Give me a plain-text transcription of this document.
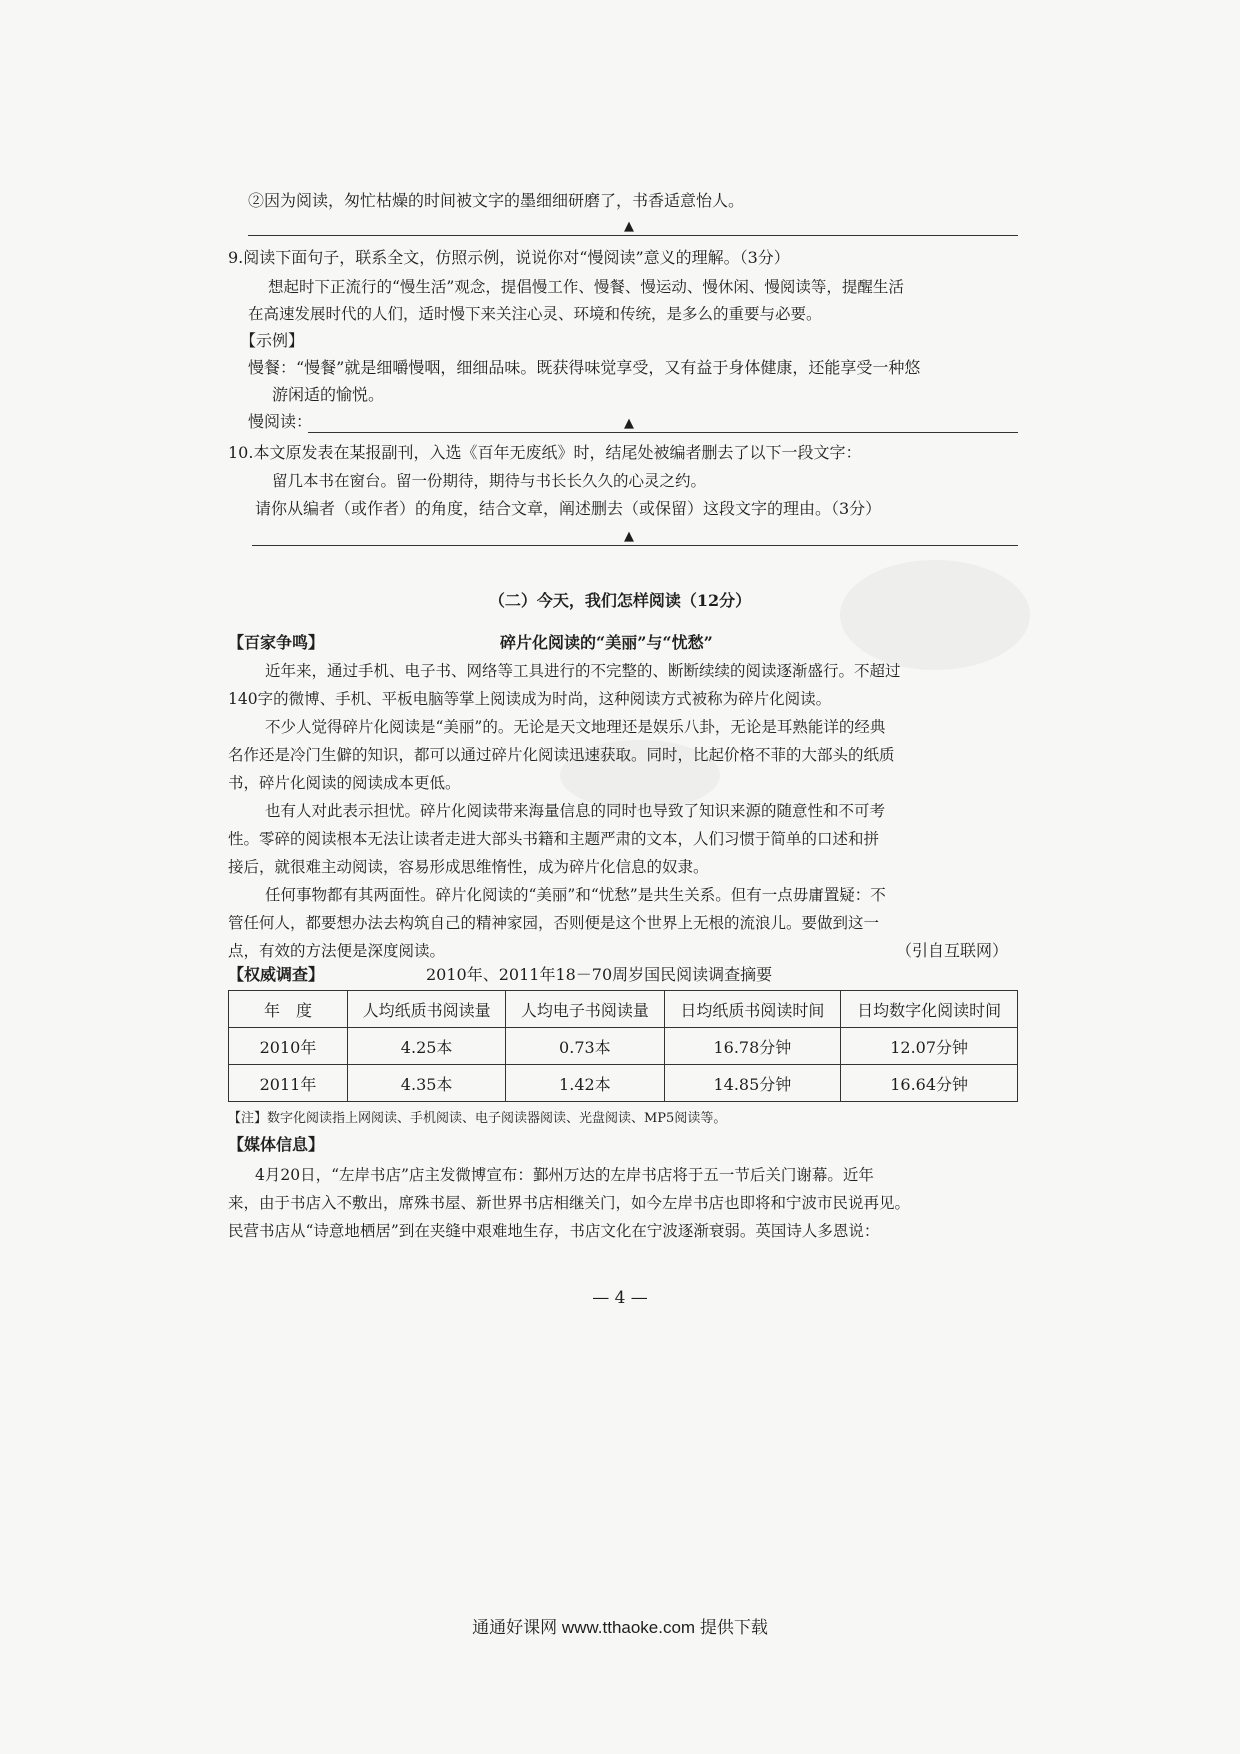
②因为阅读，匆忙枯燥的时间被文字的墨细细研磨了，书香适意怡人。
▲
9.阅读下面句子，联系全文，仿照示例，说说你对“慢阅读”意义的理解。（3分）
想起时下正流行的“慢生活”观念，提倡慢工作、慢餐、慢运动、慢休闲、慢阅读等，提醒生活
在高速发展时代的人们，适时慢下来关注心灵、环境和传统，是多么的重要与必要。
【示例】
慢餐：“慢餐”就是细嚼慢咽，细细品味。既获得味觉享受，又有益于身体健康，还能享受一种悠
游闲适的愉悦。
慢阅读：	▲
10.本文原发表在某报副刊，入选《百年无废纸》时，结尾处被编者删去了以下一段文字：
留几本书在窗台。留一份期待，期待与书长长久久的心灵之约。
请你从编者（或作者）的角度，结合文章，阐述删去（或保留）这段文字的理由。（3分）
▲
（二）今天，我们怎样阅读（12分）
【百家争鸣】	碎片化阅读的“美丽”与“忧愁”
近年来，通过手机、电子书、网络等工具进行的不完整的、断断续续的阅读逐渐盛行。不超过
140字的微博、手机、平板电脑等掌上阅读成为时尚，这种阅读方式被称为碎片化阅读。
不少人觉得碎片化阅读是“美丽”的。无论是天文地理还是娱乐八卦，无论是耳熟能详的经典
名作还是冷门生僻的知识，都可以通过碎片化阅读迅速获取。同时，比起价格不菲的大部头的纸质
书，碎片化阅读的阅读成本更低。
也有人对此表示担忧。碎片化阅读带来海量信息的同时也导致了知识来源的随意性和不可考
性。零碎的阅读根本无法让读者走进大部头书籍和主题严肃的文本，人们习惯于简单的口述和拼
接后，就很难主动阅读，容易形成思维惰性，成为碎片化信息的奴隶。
任何事物都有其两面性。碎片化阅读的“美丽”和“忧愁”是共生关系。但有一点毋庸置疑：不
管任何人，都要想办法去构筑自己的精神家园，否则便是这个世界上无根的流浪儿。要做到这一
点，有效的方法便是深度阅读。	（引自互联网）
【权威调查】	2010年、2011年18－70周岁国民阅读调查摘要
年　度	人均纸质书阅读量	人均电子书阅读量	日均纸质书阅读时间	日均数字化阅读时间
2010年	4.25本	0.73本	16.78分钟	12.07分钟
2011年	4.35本	1.42本	14.85分钟	16.64分钟
【注】数字化阅读指上网阅读、手机阅读、电子阅读器阅读、光盘阅读、MP5阅读等。
【媒体信息】
4月20日，“左岸书店”店主发微博宣布：鄞州万达的左岸书店将于五一节后关门谢幕。近年
来，由于书店入不敷出，席殊书屋、新世界书店相继关门，如今左岸书店也即将和宁波市民说再见。
民营书店从“诗意地栖居”到在夹缝中艰难地生存，书店文化在宁波逐渐衰弱。英国诗人多恩说：
— 4 —
通通好课网 www.tthaoke.com 提供下载
